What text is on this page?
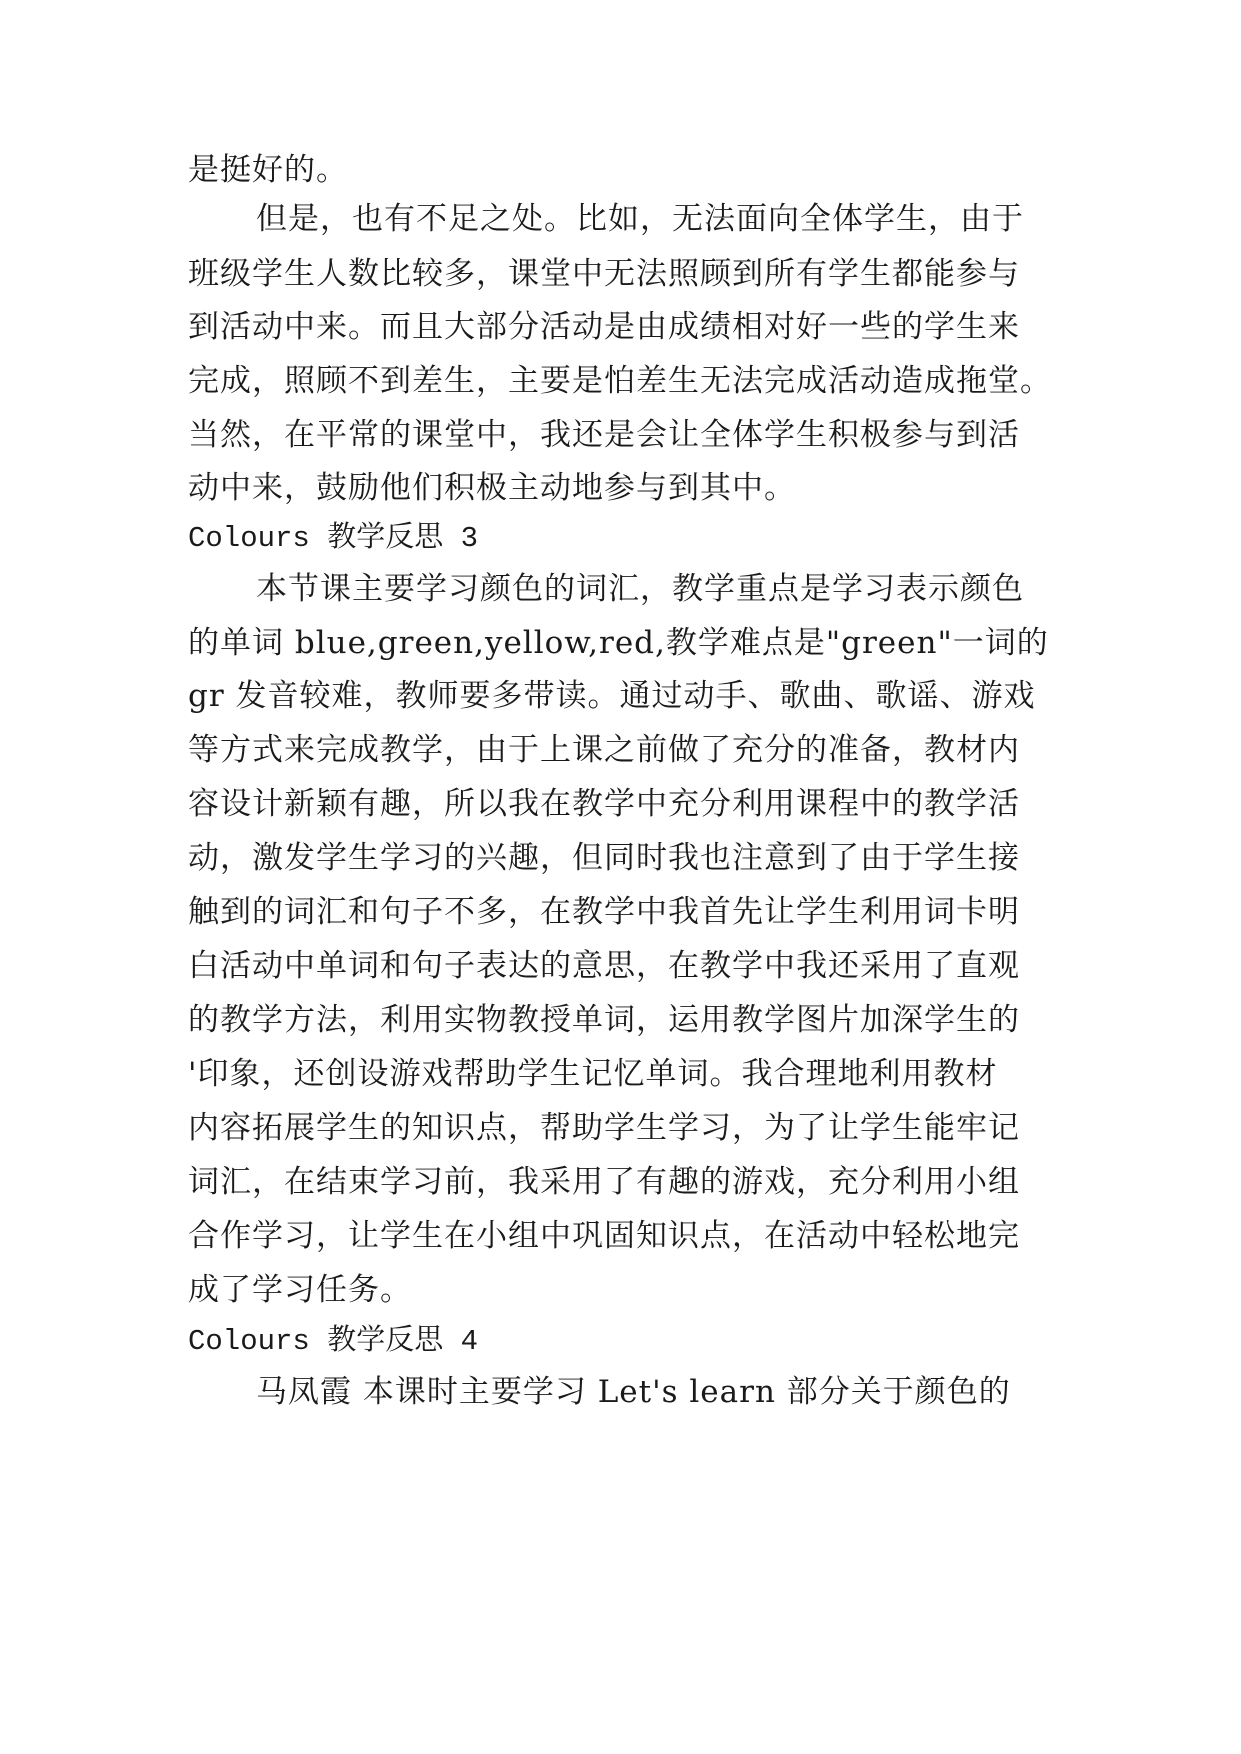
是挺好的。
但是，也有不足之处。比如，无法面向全体学生，由于
班级学生人数比较多，课堂中无法照顾到所有学生都能参与
到活动中来。而且大部分活动是由成绩相对好一些的学生来
完成，照顾不到差生，主要是怕差生无法完成活动造成拖堂。
当然，在平常的课堂中，我还是会让全体学生积极参与到活
动中来，鼓励他们积极主动地参与到其中。
Colours 教学反思 3
本节课主要学习颜色的词汇，教学重点是学习表示颜色
的单词 blue,green,yellow,red,教学难点是"green"一词的
gr 发音较难，教师要多带读。通过动手、歌曲、歌谣、游戏
等方式来完成教学，由于上课之前做了充分的准备，教材内
容设计新颖有趣，所以我在教学中充分利用课程中的教学活
动，激发学生学习的兴趣，但同时我也注意到了由于学生接
触到的词汇和句子不多，在教学中我首先让学生利用词卡明
白活动中单词和句子表达的意思，在教学中我还采用了直观
的教学方法，利用实物教授单词，运用教学图片加深学生的
'印象，还创设游戏帮助学生记忆单词。我合理地利用教材
内容拓展学生的知识点，帮助学生学习，为了让学生能牢记
词汇，在结束学习前，我采用了有趣的游戏，充分利用小组
合作学习，让学生在小组中巩固知识点，在活动中轻松地完
成了学习任务。
Colours 教学反思 4
马凤霞 本课时主要学习 Let's learn 部分关于颜色的
